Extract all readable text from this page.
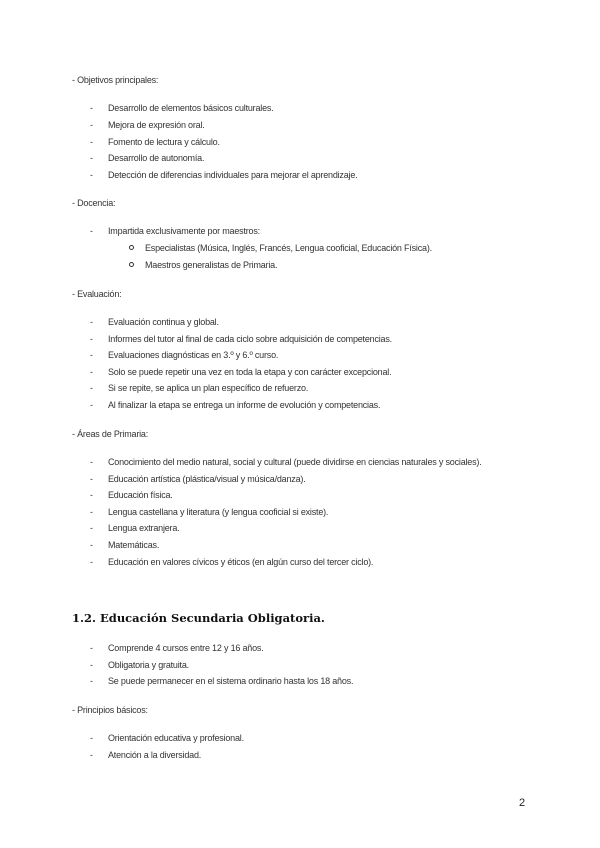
- Objetivos principales:
- Desarrollo de elementos básicos culturales.
- Mejora de expresión oral.
- Fomento de lectura y cálculo.
- Desarrollo de autonomía.
- Detección de diferencias individuales para mejorar el aprendizaje.
- Docencia:
- Impartida exclusivamente por maestros:
Especialistas (Música, Inglés, Francés, Lengua cooficial, Educación Física).
Maestros generalistas de Primaria.
- Evaluación:
- Evaluación continua y global.
- Informes del tutor al final de cada ciclo sobre adquisición de competencias.
- Evaluaciones diagnósticas en 3.º y 6.º curso.
- Solo se puede repetir una vez en toda la etapa y con carácter excepcional.
- Si se repite, se aplica un plan específico de refuerzo.
- Al finalizar la etapa se entrega un informe de evolución y competencias.
- Áreas de Primaria:
- Conocimiento del medio natural, social y cultural (puede dividirse en ciencias naturales y sociales).
- Educación artística (plástica/visual y música/danza).
- Educación física.
- Lengua castellana y literatura (y lengua cooficial si existe).
- Lengua extranjera.
- Matemáticas.
- Educación en valores cívicos y éticos (en algún curso del tercer ciclo).
1.2. Educación Secundaria Obligatoria.
- Comprende 4 cursos entre 12 y 16 años.
- Obligatoria y gratuita.
- Se puede permanecer en el sistema ordinario hasta los 18 años.
- Principios básicos:
- Orientación educativa y profesional.
- Atención a la diversidad.
2
